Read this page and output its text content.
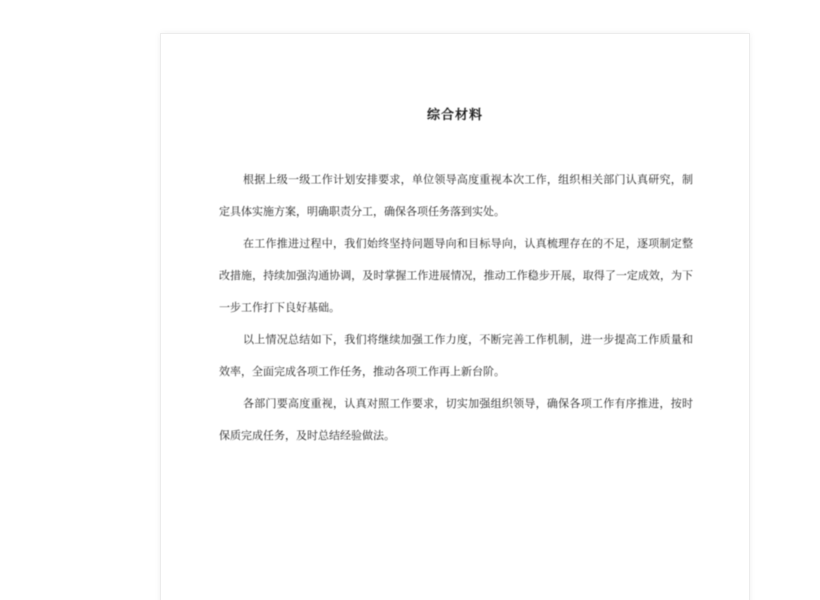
综合材料

根据上级一级工作计划安排要求，单位领导高度重视本次工作，组织相关部门认真研究，制定具体实施方案，明确职责分工，确保各项任务落到实处。

在工作推进过程中，我们始终坚持问题导向和目标导向，认真梳理存在的不足，逐项制定整改措施，持续加强沟通协调，及时掌握工作进展情况，推动工作稳步开展，取得了一定成效，为下一步工作打下良好基础。

以上情况总结如下，我们将继续加强工作力度，不断完善工作机制，进一步提高工作质量和效率，全面完成各项工作任务，推动各项工作再上新台阶。

各部门要高度重视，认真对照工作要求，切实加强组织领导，确保各项工作有序推进，按时保质完成任务，及时总结经验做法。
